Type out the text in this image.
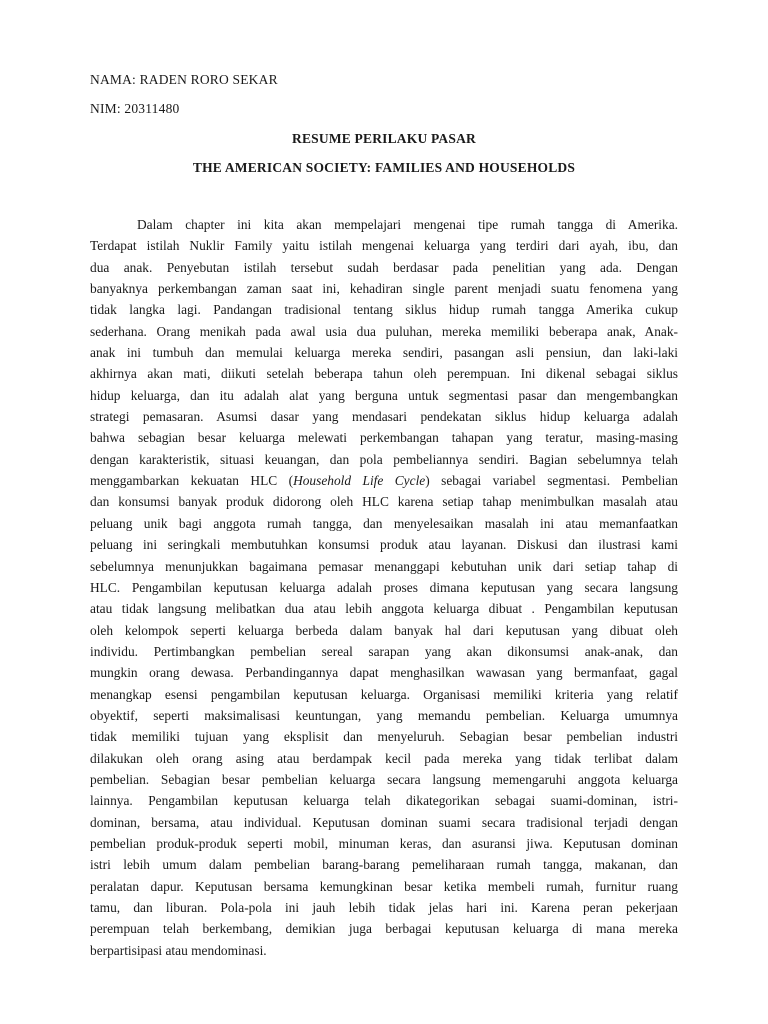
NAMA: RADEN RORO SEKAR
NIM: 20311480
RESUME PERILAKU PASAR
THE AMERICAN SOCIETY: FAMILIES AND HOUSEHOLDS
Dalam chapter ini kita akan mempelajari mengenai tipe rumah tangga di Amerika.
Terdapat istilah Nuklir Family yaitu istilah mengenai keluarga yang terdiri dari ayah, ibu, dan
dua anak. Penyebutan istilah tersebut sudah berdasar pada penelitian yang ada. Dengan
banyaknya perkembangan zaman saat ini, kehadiran single parent menjadi suatu fenomena yang
tidak langka lagi. Pandangan tradisional tentang siklus hidup rumah tangga Amerika cukup
sederhana. Orang menikah pada awal usia dua puluhan, mereka memiliki beberapa anak, Anak-
anak ini tumbuh dan memulai keluarga mereka sendiri, pasangan asli pensiun, dan laki-laki
akhirnya akan mati, diikuti setelah beberapa tahun oleh perempuan. Ini dikenal sebagai siklus
hidup keluarga, dan itu adalah alat yang berguna untuk segmentasi pasar dan mengembangkan
strategi pemasaran. Asumsi dasar yang mendasari pendekatan siklus hidup keluarga adalah
bahwa sebagian besar keluarga melewati perkembangan tahapan yang teratur, masing-masing
dengan karakteristik, situasi keuangan, dan pola pembeliannya sendiri. Bagian sebelumnya telah
menggambarkan kekuatan HLC (Household Life Cycle) sebagai variabel segmentasi. Pembelian
dan konsumsi banyak produk didorong oleh HLC karena setiap tahap menimbulkan masalah atau
peluang unik bagi anggota rumah tangga, dan menyelesaikan masalah ini atau memanfaatkan
peluang ini seringkali membutuhkan konsumsi produk atau layanan. Diskusi dan ilustrasi kami
sebelumnya menunjukkan bagaimana pemasar menanggapi kebutuhan unik dari setiap tahap di
HLC. Pengambilan keputusan keluarga adalah proses dimana keputusan yang secara langsung
atau tidak langsung melibatkan dua atau lebih anggota keluarga dibuat . Pengambilan keputusan
oleh kelompok seperti keluarga berbeda dalam banyak hal dari keputusan yang dibuat oleh
individu. Pertimbangkan pembelian sereal sarapan yang akan dikonsumsi anak-anak, dan
mungkin orang dewasa. Perbandingannya dapat menghasilkan wawasan yang bermanfaat, gagal
menangkap esensi pengambilan keputusan keluarga. Organisasi memiliki kriteria yang relatif
obyektif, seperti maksimalisasi keuntungan, yang memandu pembelian. Keluarga umumnya
tidak memiliki tujuan yang eksplisit dan menyeluruh. Sebagian besar pembelian industri
dilakukan oleh orang asing atau berdampak kecil pada mereka yang tidak terlibat dalam
pembelian. Sebagian besar pembelian keluarga secara langsung memengaruhi anggota keluarga
lainnya. Pengambilan keputusan keluarga telah dikategorikan sebagai suami-dominan, istri-
dominan, bersama, atau individual. Keputusan dominan suami secara tradisional terjadi dengan
pembelian produk-produk seperti mobil, minuman keras, dan asuransi jiwa. Keputusan dominan
istri lebih umum dalam pembelian barang-barang pemeliharaan rumah tangga, makanan, dan
peralatan dapur. Keputusan bersama kemungkinan besar ketika membeli rumah, furnitur ruang
tamu, dan liburan. Pola-pola ini jauh lebih tidak jelas hari ini. Karena peran pekerjaan
perempuan telah berkembang, demikian juga berbagai keputusan keluarga di mana mereka
berpartisipasi atau mendominasi.
